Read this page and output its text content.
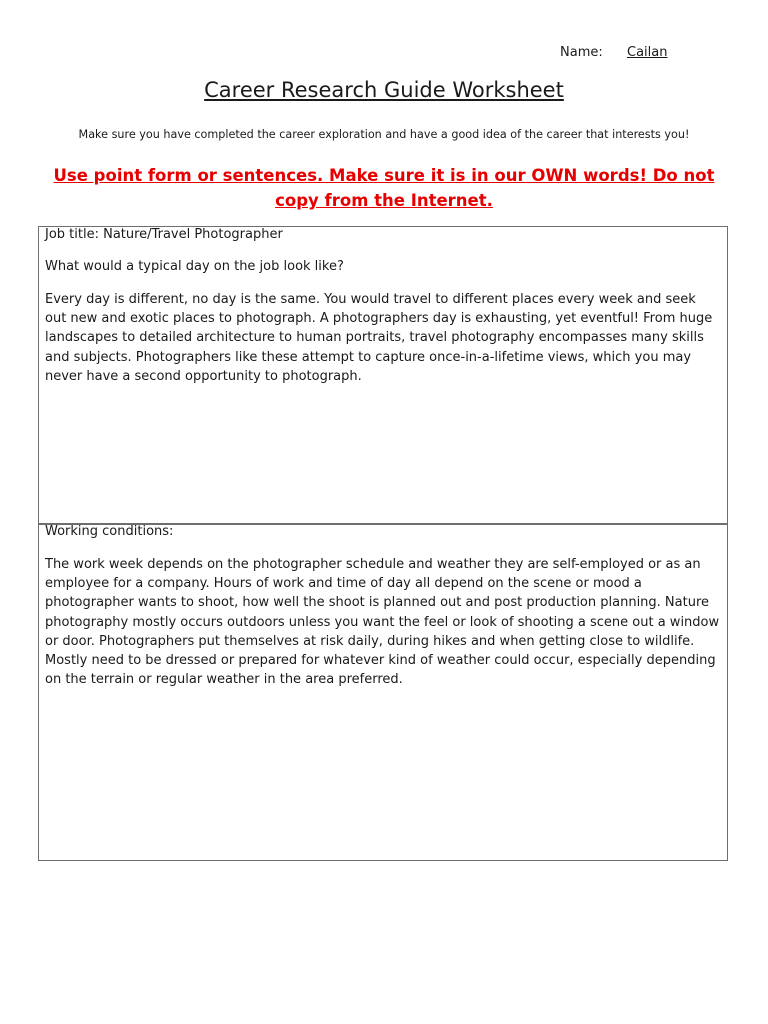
Name: Cailan
Career Research Guide Worksheet
Make sure you have completed the career exploration and have a good idea of the career that interests you!
Use point form or sentences. Make sure it is in our OWN words! Do not copy from the Internet.

Job title: Nature/Travel Photographer

What would a typical day on the job look like?

Every day is different, no day is the same. You would travel to different places every week and seek out new and exotic places to photograph. A photographers day is exhausting, yet eventful! From huge landscapes to detailed architecture to human portraits, travel photography encompasses many skills and subjects. Photographers like these attempt to capture once-in-a-lifetime views, which you may never have a second opportunity to photograph.

Working conditions:

The work week depends on the photographer schedule and weather they are self-employed or as an employee for a company. Hours of work and time of day all depend on the scene or mood a photographer wants to shoot, how well the shoot is planned out and post production planning. Nature photography mostly occurs outdoors unless you want the feel or look of shooting a scene out a window or door. Photographers put themselves at risk daily, during hikes and when getting close to wildlife. Mostly need to be dressed or prepared for whatever kind of weather could occur, especially depending on the terrain or regular weather in the area preferred.
